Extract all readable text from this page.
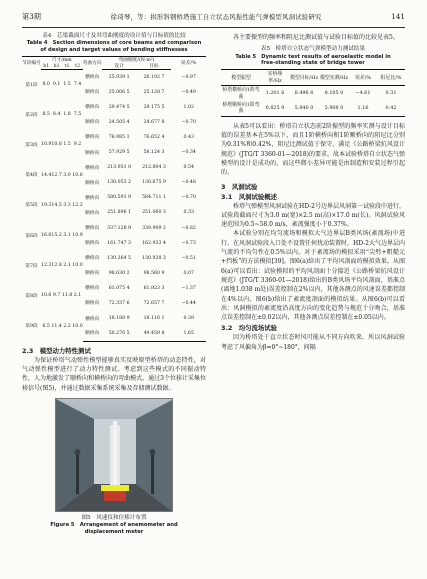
第3期	徐琦琴，等：拱形斜钢桥塔施工自立状态风振性能气弹模型风洞试验研究	141
表4　芯梁截面尺寸及其弯曲刚度的设计值与目标值的比较
Table 4　Section dimensions of core beams and comparison
of design and target values of bending stiffnesses
节段编号	尺寸/mm				弯曲方向	弯曲刚度/(N·m²)		误差/%
	b1	h1	t1	t2		设计	目标	
第1段	8.0	9.1	1.5	7.4	横桥向	25.939 1	26.192 7	−0.97
					顺桥向	25.006 5	25.128 7	−0.49
第2段	8.5	8.4	1.8	7.5	横桥向	29.474 5	29.175 5	1.02
					顺桥向	24.505 4	24.677 8	−0.70
第3段	10.9	10.8	1.5	9.2	横桥向	76.985 1	76.652 4	0.43
					顺桥向	57.929 5	58.124 3	−0.34
第4段	14.4	12.7	3.0	10.6	横桥向	213.951 0	212.804 3	0.54
					顺桥向	130.053 2	130.675 9	−0.48
第5段	19.3	14.5	3.3	12.2	横桥向	580.591 9	584.711 1	−0.70
					顺桥向	251.896 1	251.060 3	0.33
第6段	16.6	15.2	3.1	10.9	横桥向	337.128 9	339.909 2	−0.82
					顺桥向	161.747 3	162.933 4	−0.73
第7段	12.3	12.8	2.1	10.0	横桥向	130.264 5	130.928 3	−0.51
					顺桥向	98.630 2	98.560 9	0.07
第8段	10.6	9.7	11.8	2.1	横桥向	61.075 4	61.923 3	−1.37
					顺桥向	72.337 6	72.657 7	−0.44
第9段	6.5	11.4	2.2	10.0	横桥向	18.188 9	18.116 1	0.39
					顺桥向	50.276 5	49.459 8	1.65
2.3　模型动力特性测试
为保证桥塔气动弹性模型能够真实反映原型桥塔的动态特性，对气动弹性模型进行了动力特性测试。考虑到这些模式的不同振动特性，人为地激发了顺桥向和横桥向的弯曲模式。通过3个位移计采集位移信号(图5)，并通过数据采集系统采集及存储测试数据。
图5　风速仪和位移计布置
Figure 5　Arrangement of anemometer and
displacement meter
各主要振型的频率和阻尼比测试值与试验目标值的比较见表5。
表5　桥塔自立状态气弹模型动力测试结果
Table 5　Dynamic test results of aeroelastic model in
free-standing state of bridge tower
模型振型	实桥频率/Hz	模型目标/Hz	模型实测/Hz	误差/%	阻尼比/%
桥塔横桥向1阶弯曲	1.201 6	8.496 6	8.105 0	−4.61	0.31
桥塔顺桥向1阶弯曲	0.825 9	5.840 0	5.908 0	1.16	0.42
从表5可以看出：桥塔自立状态前2阶振型的频率实测与设计目标值的误差基本在5%以下，而且1阶横桥向和1阶顺桥向的阻尼比分别为0.31%和0.42%，阻尼比测试值于保守，满足《公路桥梁抗风设计规范》(JTG/T 3360-01—2018)的要求，故本试验桥塔自立状态气弹模型的设计是成功的，而这些微小差异可能是由制造和安装过程引起的。
3　风洞试验
3.1　风洞试验概述
桥塔气弹模型风洞试验在HD-2号边界层风洞第一试验段中进行，试验段截面尺寸为3.0 m(宽)×2.5 m(高)×17.0 m(长)。风洞试验风速范围为0.5~58.0 m/s，紊流强度小于0.37%。
本试验分别在均匀流场和模拟大气边界层B类风场(紊流场)中进行。在风洞试验段入口处不设置任何扰动装置时，HD-2大气边界层内气流的不均匀性在0.5%以内，对于紊流场的模拟采用“尖劈+粗糙元+挡板”的方法模拟[39]。图6(a)给出了平均风剖面的模拟效果。从图6(a)可以看出：试验模拟的平均风剖面十分接近《公路桥梁抗风设计规范》(JTG/T 3360-01—2018)给出的B类风场平均风剖面，基准点(离地1.038 m处)误差控制在2%以内，其他各测点的风速误差都控制在4%以内。图6(b)给出了紊流度剖面的模拟结果。从图6(b)可以看出：风洞模拟的紊流度沿高度方向的变化趋势与规范十分吻合，基准点误差控制在±0.02以内，其他各测点误差控制在±0.05以内。
3.2　均匀流场试验
因为桥塔处于直立状态时风可能从不同方向吹来，所以风洞试验考虑了风偏角为β=0°~180°，间隔
